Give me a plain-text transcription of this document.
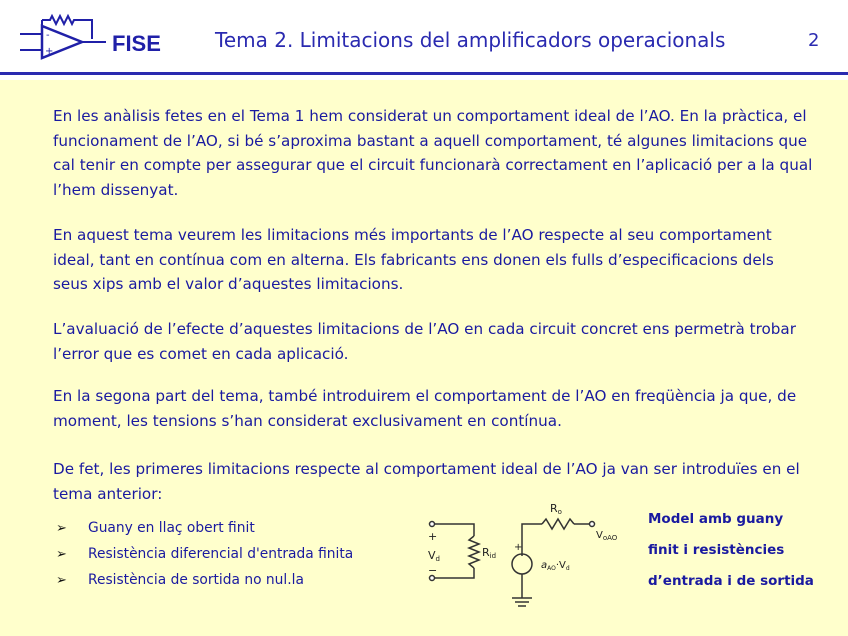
-
+	FISE	Tema 2. Limitacions del amplificadors operacionals	2
En les anàlisis fetes en el Tema 1 hem considerat un comportament ideal de l’AO. En la pràctica, el funcionament de l’AO, si bé s’aproxima bastant a aquell comportament, té algunes limitacions que cal tenir en compte per assegurar que el circuit funcionarà correctament en l’aplicació per a la qual l’hem dissenyat.
En aquest tema veurem les limitacions més importants de l’AO respecte al seu comportament ideal, tant en contínua com en alterna. Els fabricants ens donen els fulls d’especificacions dels seus xips amb el valor d’aquestes limitacions.
L’avaluació de l’efecte d’aquestes limitacions de l’AO en cada circuit concret ens permetrà trobar l’error que es comet en cada aplicació.
En la segona part del tema, també introduirem el comportament de l’AO en freqüència ja que, de moment, les tensions s’han considerat exclusivament en contínua.
De fet, les primeres limitacions respecte al comportament ideal de l’AO ja van ser introduïes en el tema anterior:
➢	Guany en llaç obert finit
➢	Resistència diferencial d'entrada finita
➢	Resistència de sortida no nul.la
+
−
Vd	Rid
Ro
$V_{oAO}$
+
$a_{AO}\cdot V_d$
Model amb guany
finit i resistències
d’entrada i de sortida
